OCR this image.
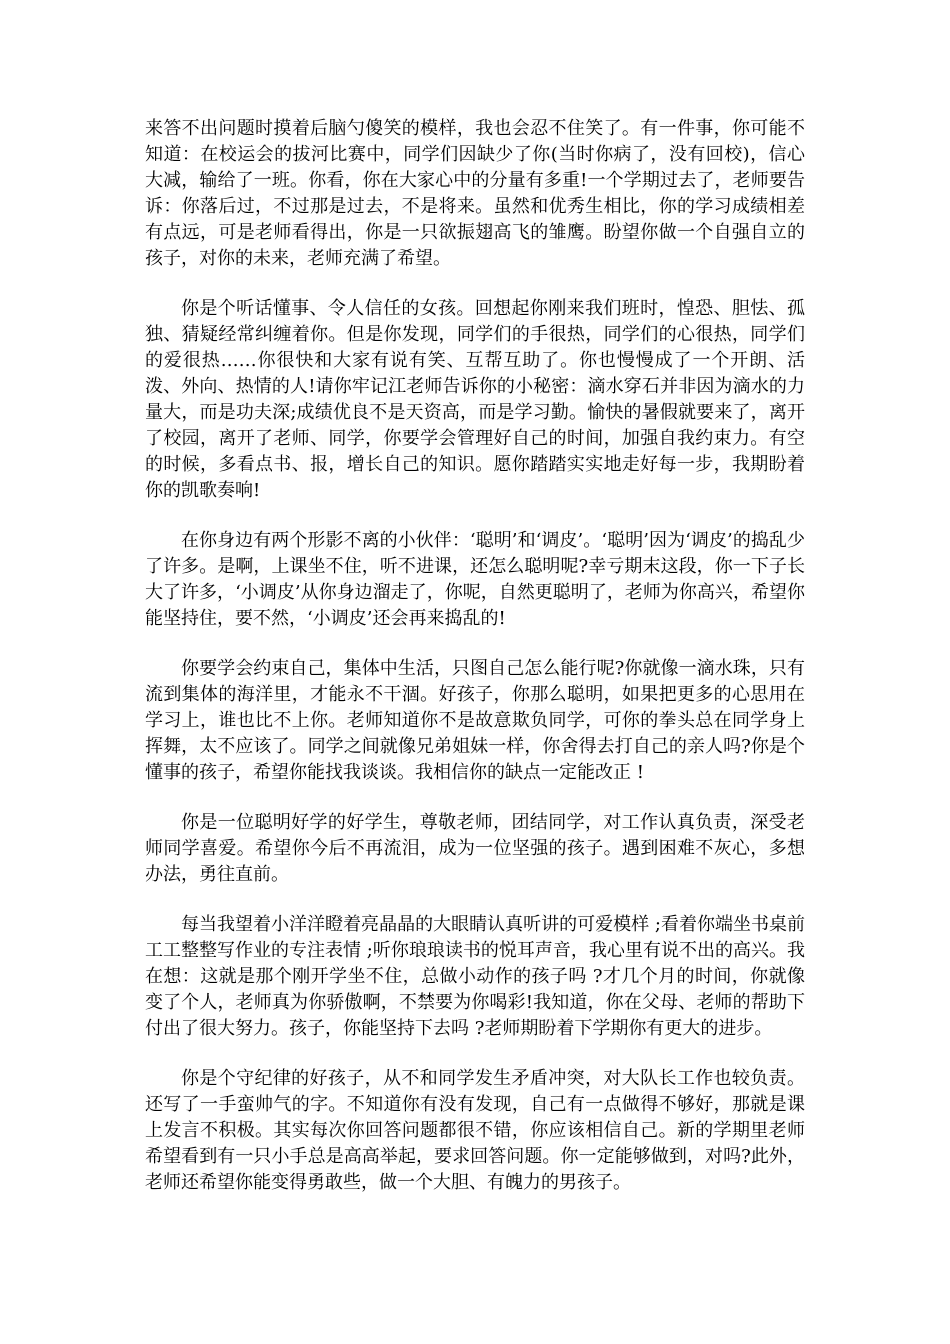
来答不出问题时摸着后脑勺傻笑的模样，我也会忍不住笑了。有一件事，你可能不知道：在校运会的拔河比赛中，同学们因缺少了你(当时你病了，没有回校)，信心大减，输给了一班。你看，你在大家心中的分量有多重!一个学期过去了，老师要告诉：你落后过，不过那是过去，不是将来。虽然和优秀生相比，你的学习成绩相差有点远，可是老师看得出，你是一只欲振翅高飞的雏鹰。盼望你做一个自强自立的孩子，对你的未来，老师充满了希望。

你是个听话懂事、令人信任的女孩。回想起你刚来我们班时，惶恐、胆怯、孤独、猜疑经常纠缠着你。但是你发现，同学们的手很热，同学们的心很热，同学们的爱很热……你很快和大家有说有笑、互帮互助了。你也慢慢成了一个开朗、活泼、外向、热情的人!请你牢记江老师告诉你的小秘密：滴水穿石并非因为滴水的力量大，而是功夫深;成绩优良不是天资高，而是学习勤。愉快的暑假就要来了，离开了校园，离开了老师、同学，你要学会管理好自己的时间，加强自我约束力。有空的时候，多看点书、报，增长自己的知识。愿你踏踏实实地走好每一步，我期盼着你的凯歌奏响!

在你身边有两个形影不离的小伙伴：‘聪明’和‘调皮’。‘聪明’因为‘调皮’的捣乱少了许多。是啊，上课坐不住，听不进课，还怎么聪明呢?幸亏期末这段，你一下子长大了许多，‘小调皮’从你身边溜走了，你呢，自然更聪明了，老师为你高兴，希望你能坚持住，要不然，‘小调皮’还会再来捣乱的!

你要学会约束自己，集体中生活，只图自己怎么能行呢?你就像一滴水珠，只有流到集体的海洋里，才能永不干涸。好孩子，你那么聪明，如果把更多的心思用在学习上，谁也比不上你。老师知道你不是故意欺负同学，可你的拳头总在同学身上挥舞，太不应该了。同学之间就像兄弟姐妹一样，你舍得去打自己的亲人吗?你是个懂事的孩子，希望你能找我谈谈。我相信你的缺点一定能改正 !

你是一位聪明好学的好学生，尊敬老师，团结同学，对工作认真负责，深受老师同学喜爱。希望你今后不再流泪，成为一位坚强的孩子。遇到困难不灰心，多想办法，勇往直前。

每当我望着小洋洋瞪着亮晶晶的大眼睛认真听讲的可爱模样 ;看着你端坐书桌前工工整整写作业的专注表情 ;听你琅琅读书的悦耳声音，我心里有说不出的高兴。我在想：这就是那个刚开学坐不住，总做小动作的孩子吗 ?才几个月的时间，你就像变了个人，老师真为你骄傲啊，不禁要为你喝彩!我知道，你在父母、老师的帮助下付出了很大努力。孩子，你能坚持下去吗 ?老师期盼着下学期你有更大的进步。

你是个守纪律的好孩子，从不和同学发生矛盾冲突，对大队长工作也较负责。还写了一手蛮帅气的字。不知道你有没有发现，自己有一点做得不够好，那就是课上发言不积极。其实每次你回答问题都很不错，你应该相信自己。新的学期里老师希望看到有一只小手总是高高举起，要求回答问题。你一定能够做到，对吗?此外，老师还希望你能变得勇敢些，做一个大胆、有魄力的男孩子。
